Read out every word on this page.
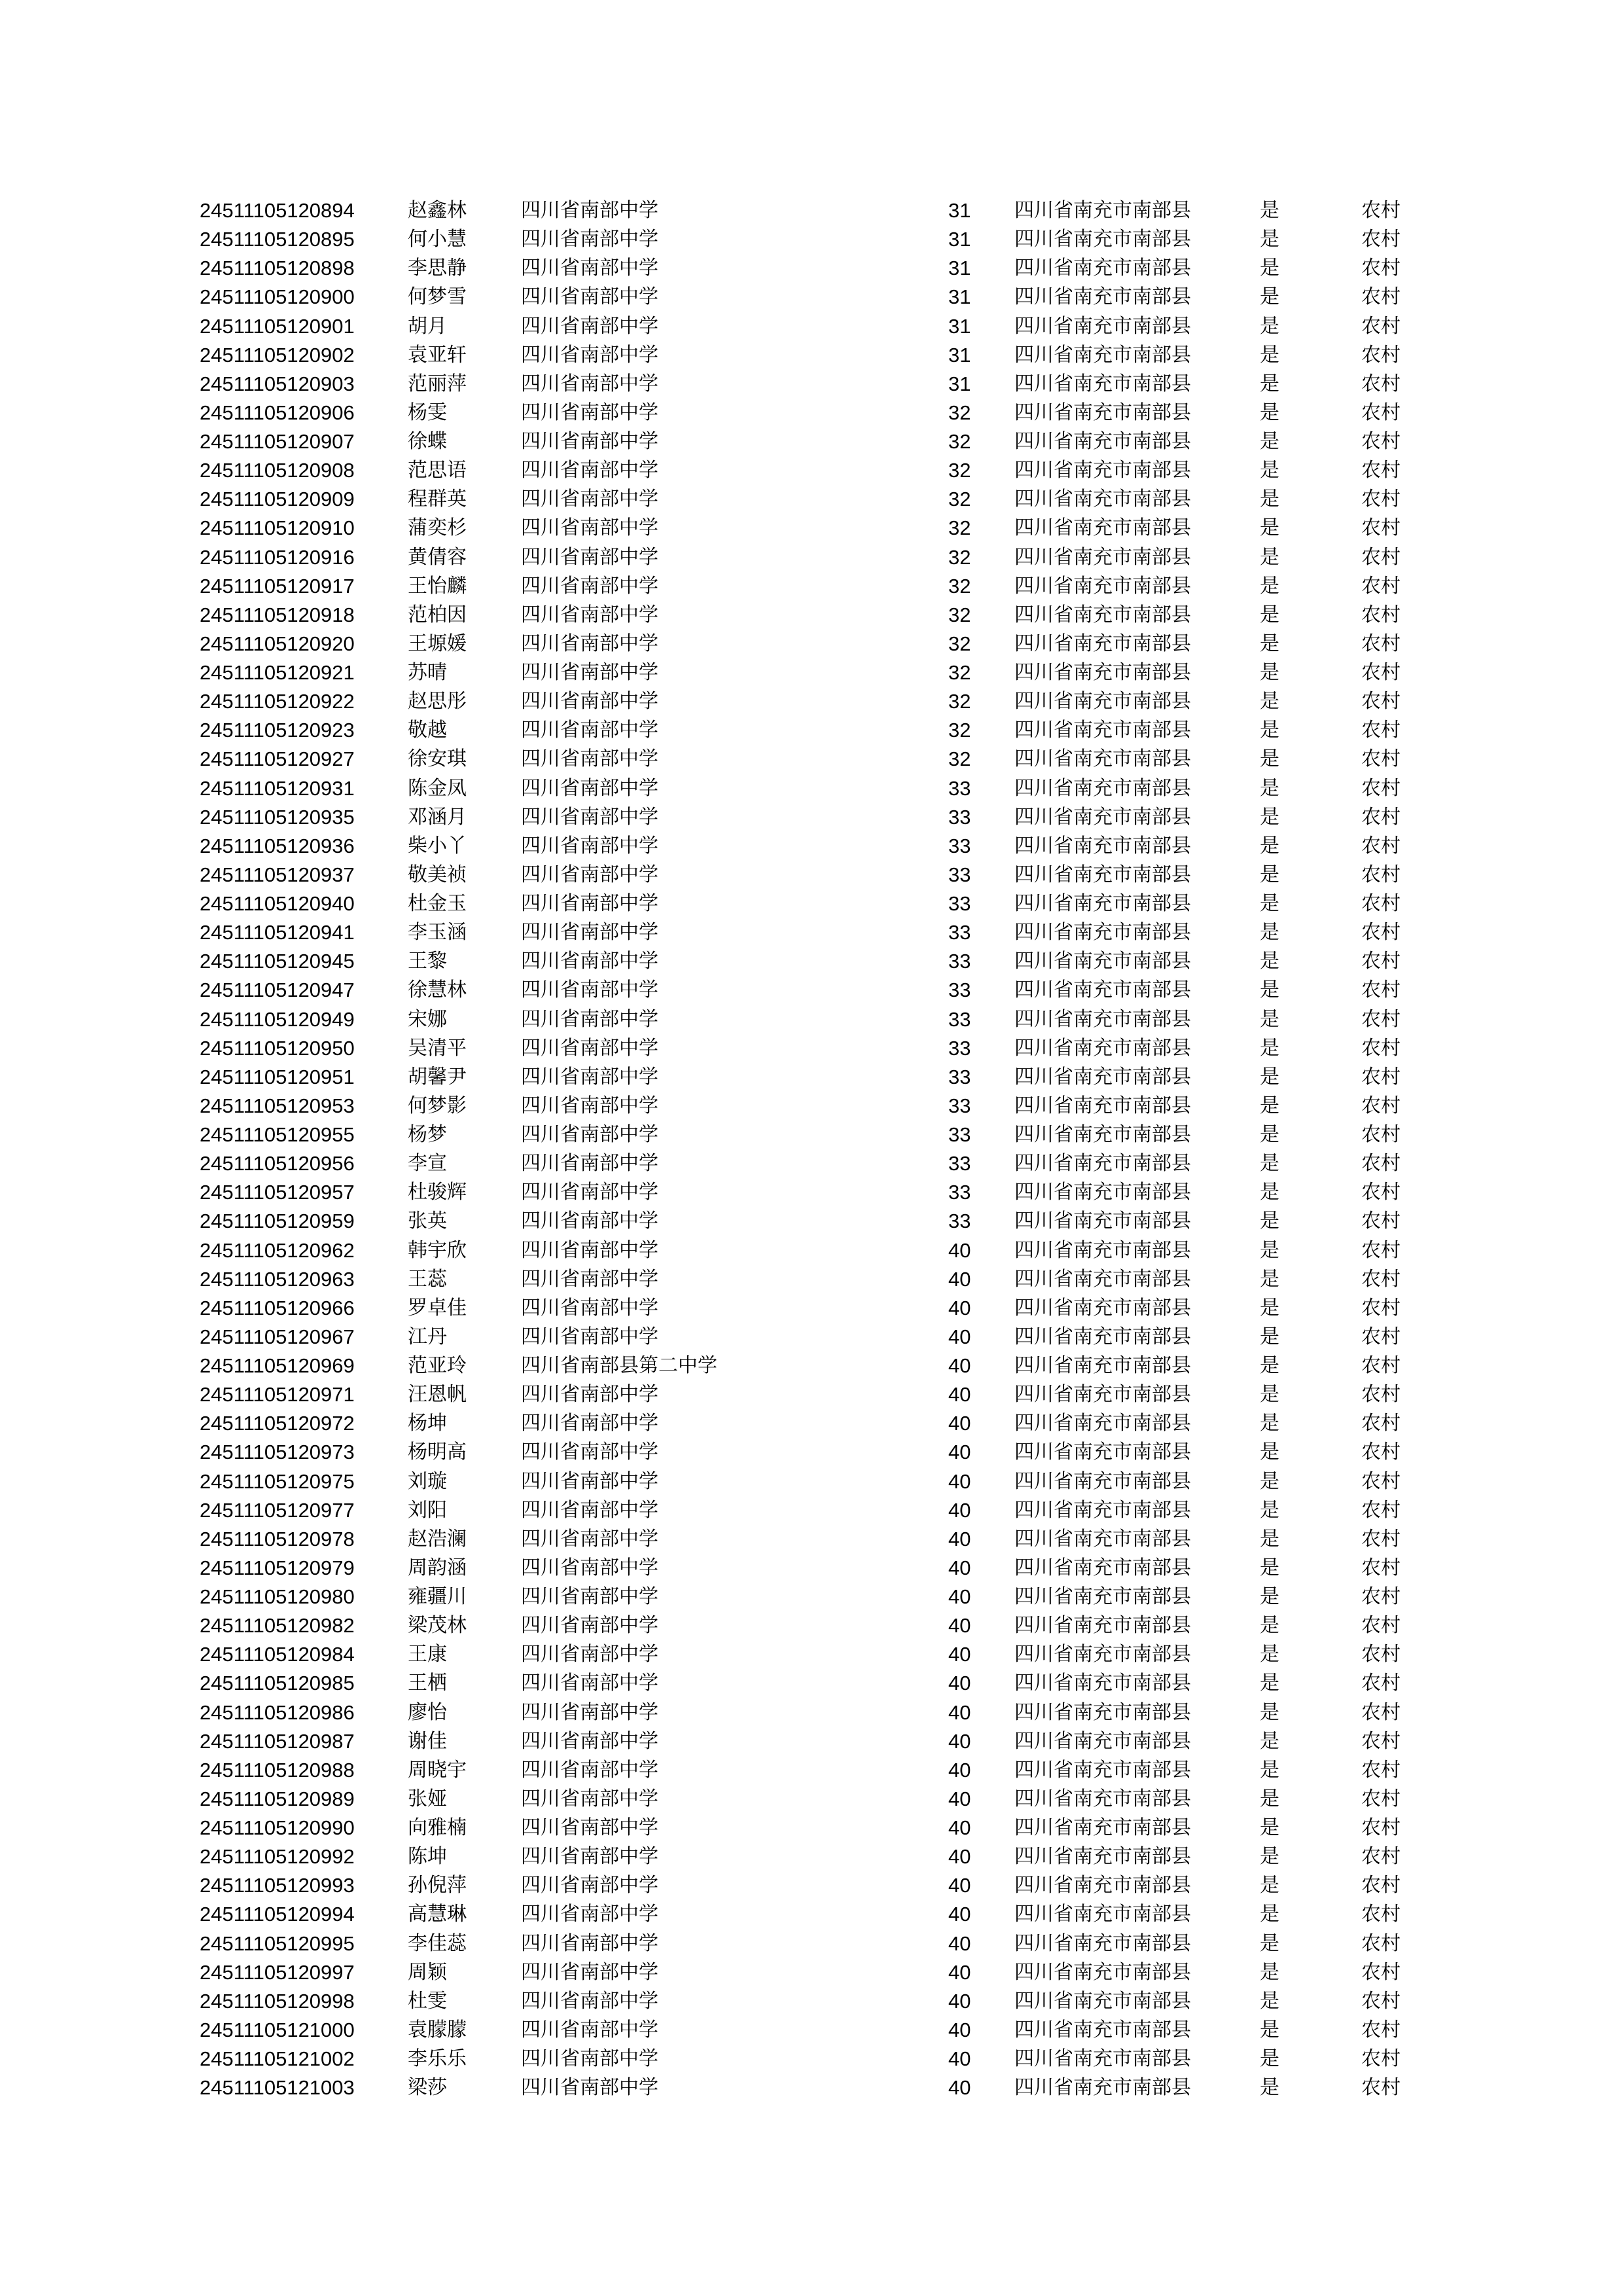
24511105120894	赵鑫林	四川省南部中学	31 四川省南充市南部县	是	农村
24511105120895	何小慧	四川省南部中学	31 四川省南充市南部县	是	农村
24511105120898	李思静	四川省南部中学	31 四川省南充市南部县	是	农村
24511105120900	何梦雪	四川省南部中学	31 四川省南充市南部县	是	农村
24511105120901	胡月	四川省南部中学	31 四川省南充市南部县	是	农村
24511105120902	袁亚轩	四川省南部中学	31 四川省南充市南部县	是	农村
24511105120903	范丽萍	四川省南部中学	31 四川省南充市南部县	是	农村
24511105120906	杨雯	四川省南部中学	32 四川省南充市南部县	是	农村
24511105120907	徐蝶	四川省南部中学	32 四川省南充市南部县	是	农村
24511105120908	范思语	四川省南部中学	32 四川省南充市南部县	是	农村
24511105120909	程群英	四川省南部中学	32 四川省南充市南部县	是	农村
24511105120910	蒲奕杉	四川省南部中学	32 四川省南充市南部县	是	农村
24511105120916	黄倩容	四川省南部中学	32 四川省南充市南部县	是	农村
24511105120917	王怡麟	四川省南部中学	32 四川省南充市南部县	是	农村
24511105120918	范柏因	四川省南部中学	32 四川省南充市南部县	是	农村
24511105120920	王塬媛	四川省南部中学	32 四川省南充市南部县	是	农村
24511105120921	苏晴	四川省南部中学	32 四川省南充市南部县	是	农村
24511105120922	赵思彤	四川省南部中学	32 四川省南充市南部县	是	农村
24511105120923	敬越	四川省南部中学	32 四川省南充市南部县	是	农村
24511105120927	徐安琪	四川省南部中学	32 四川省南充市南部县	是	农村
24511105120931	陈金凤	四川省南部中学	33 四川省南充市南部县	是	农村
24511105120935	邓涵月	四川省南部中学	33 四川省南充市南部县	是	农村
24511105120936	柴小丫	四川省南部中学	33 四川省南充市南部县	是	农村
24511105120937	敬美祯	四川省南部中学	33 四川省南充市南部县	是	农村
24511105120940	杜金玉	四川省南部中学	33 四川省南充市南部县	是	农村
24511105120941	李玉涵	四川省南部中学	33 四川省南充市南部县	是	农村
24511105120945	王黎	四川省南部中学	33 四川省南充市南部县	是	农村
24511105120947	徐慧林	四川省南部中学	33 四川省南充市南部县	是	农村
24511105120949	宋娜	四川省南部中学	33 四川省南充市南部县	是	农村
24511105120950	吴清平	四川省南部中学	33 四川省南充市南部县	是	农村
24511105120951	胡馨尹	四川省南部中学	33 四川省南充市南部县	是	农村
24511105120953	何梦影	四川省南部中学	33 四川省南充市南部县	是	农村
24511105120955	杨梦	四川省南部中学	33 四川省南充市南部县	是	农村
24511105120956	李宣	四川省南部中学	33 四川省南充市南部县	是	农村
24511105120957	杜骏辉	四川省南部中学	33 四川省南充市南部县	是	农村
24511105120959	张英	四川省南部中学	33 四川省南充市南部县	是	农村
24511105120962	韩宇欣	四川省南部中学	40 四川省南充市南部县	是	农村
24511105120963	王蕊	四川省南部中学	40 四川省南充市南部县	是	农村
24511105120966	罗卓佳	四川省南部中学	40 四川省南充市南部县	是	农村
24511105120967	江丹	四川省南部中学	40 四川省南充市南部县	是	农村
24511105120969	范亚玲	四川省南部县第二中学	40 四川省南充市南部县	是	农村
24511105120971	汪恩帆	四川省南部中学	40 四川省南充市南部县	是	农村
24511105120972	杨坤	四川省南部中学	40 四川省南充市南部县	是	农村
24511105120973	杨明高	四川省南部中学	40 四川省南充市南部县	是	农村
24511105120975	刘璇	四川省南部中学	40 四川省南充市南部县	是	农村
24511105120977	刘阳	四川省南部中学	40 四川省南充市南部县	是	农村
24511105120978	赵浩澜	四川省南部中学	40 四川省南充市南部县	是	农村
24511105120979	周韵涵	四川省南部中学	40 四川省南充市南部县	是	农村
24511105120980	雍疆川	四川省南部中学	40 四川省南充市南部县	是	农村
24511105120982	梁茂林	四川省南部中学	40 四川省南充市南部县	是	农村
24511105120984	王康	四川省南部中学	40 四川省南充市南部县	是	农村
24511105120985	王栖	四川省南部中学	40 四川省南充市南部县	是	农村
24511105120986	廖怡	四川省南部中学	40 四川省南充市南部县	是	农村
24511105120987	谢佳	四川省南部中学	40 四川省南充市南部县	是	农村
24511105120988	周晓宇	四川省南部中学	40 四川省南充市南部县	是	农村
24511105120989	张娅	四川省南部中学	40 四川省南充市南部县	是	农村
24511105120990	向雅楠	四川省南部中学	40 四川省南充市南部县	是	农村
24511105120992	陈坤	四川省南部中学	40 四川省南充市南部县	是	农村
24511105120993	孙倪萍	四川省南部中学	40 四川省南充市南部县	是	农村
24511105120994	高慧琳	四川省南部中学	40 四川省南充市南部县	是	农村
24511105120995	李佳蕊	四川省南部中学	40 四川省南充市南部县	是	农村
24511105120997	周颖	四川省南部中学	40 四川省南充市南部县	是	农村
24511105120998	杜雯	四川省南部中学	40 四川省南充市南部县	是	农村
24511105121000	袁朦朦	四川省南部中学	40 四川省南充市南部县	是	农村
24511105121002	李乐乐	四川省南部中学	40 四川省南充市南部县	是	农村
24511105121003	梁莎	四川省南部中学	40 四川省南充市南部县	是	农村
